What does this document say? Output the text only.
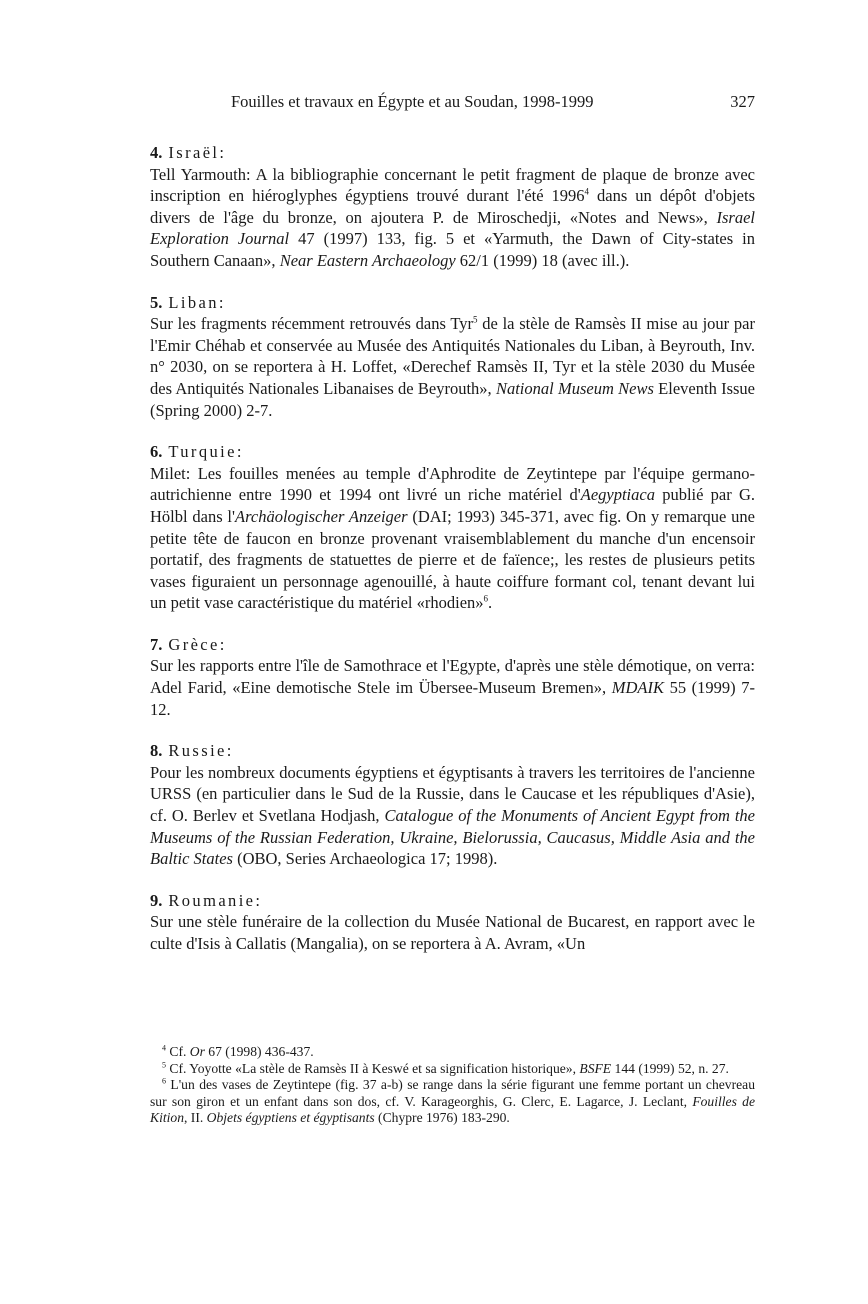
Fouilles et travaux en Égypte et au Soudan, 1998-1999	327
4. Israël:

Tell Yarmouth: A la bibliographie concernant le petit fragment de plaque de bronze avec inscription en hiéroglyphes égyptiens trouvé durant l'été 1996$^4$ dans un dépôt d'objets divers de l'âge du bronze, on ajoutera P. de Miroschedji, «Notes and News», Israel Exploration Journal 47 (1997) 133, fig. 5 et «Yarmuth, the Dawn of City-states in Southern Canaan», Near Eastern Archaeology 62/1 (1999) 18 (avec ill.).

5. Liban:

Sur les fragments récemment retrouvés dans Tyr$^5$ de la stèle de Ramsès II mise au jour par l'Emir Chéhab et conservée au Musée des Antiquités Nationales du Liban, à Beyrouth, Inv. n° 2030, on se reportera à H. Loffet, «Derechef Ramsès II, Tyr et la stèle 2030 du Musée des Antiquités Nationales Libanaises de Beyrouth», National Museum News Eleventh Issue (Spring 2000) 2-7.

6. Turquie:

Milet: Les fouilles menées au temple d'Aphrodite de Zeytintepe par l'équipe germano-autrichienne entre 1990 et 1994 ont livré un riche matériel d'Aegyptiaca publié par G. Hölbl dans l'Archäologischer Anzeiger (DAI; 1993) 345-371, avec fig. On y remarque une petite tête de faucon en bronze provenant vraisemblablement du manche d'un encensoir portatif, des fragments de statuettes de pierre et de faïence;, les restes de plusieurs petits vases figuraient un personnage agenouillé, à haute coiffure formant col, tenant devant lui un petit vase caractéristique du matériel «rhodien»$^6$.

7. Grèce:

Sur les rapports entre l'île de Samothrace et l'Egypte, d'après une stèle démotique, on verra: Adel Farid, «Eine demotische Stele im Übersee-Museum Bremen», MDAIK 55 (1999) 7-12.

8. Russie:

Pour les nombreux documents égyptiens et égyptisants à travers les territoires de l'ancienne URSS (en particulier dans le Sud de la Russie, dans le Caucase et les républiques d'Asie), cf. O. Berlev et Svetlana Hodjash, Catalogue of the Monuments of Ancient Egypt from the Museums of the Russian Federation, Ukraine, Bielorussia, Caucasus, Middle Asia and the Baltic States (OBO, Series Archaeologica 17; 1998).

9. Roumanie:

Sur une stèle funéraire de la collection du Musée National de Bucarest, en rapport avec le culte d'Isis à Callatis (Mangalia), on se reportera à A. Avram, «Un

$^4$ Cf. Or 67 (1998) 436-437.

$^5$ Cf. Yoyotte «La stèle de Ramsès II à Keswé et sa signification historique», BSFE 144 (1999) 52, n. 27.

$^6$ L'un des vases de Zeytintepe (fig. 37 a-b) se range dans la série figurant une femme portant un chevreau sur son giron et un enfant dans son dos, cf. V. Karageorghis, G. Clerc, E. Lagarce, J. Leclant, Fouilles de Kition, II. Objets égyptiens et égyptisants (Chypre 1976) 183-290.
